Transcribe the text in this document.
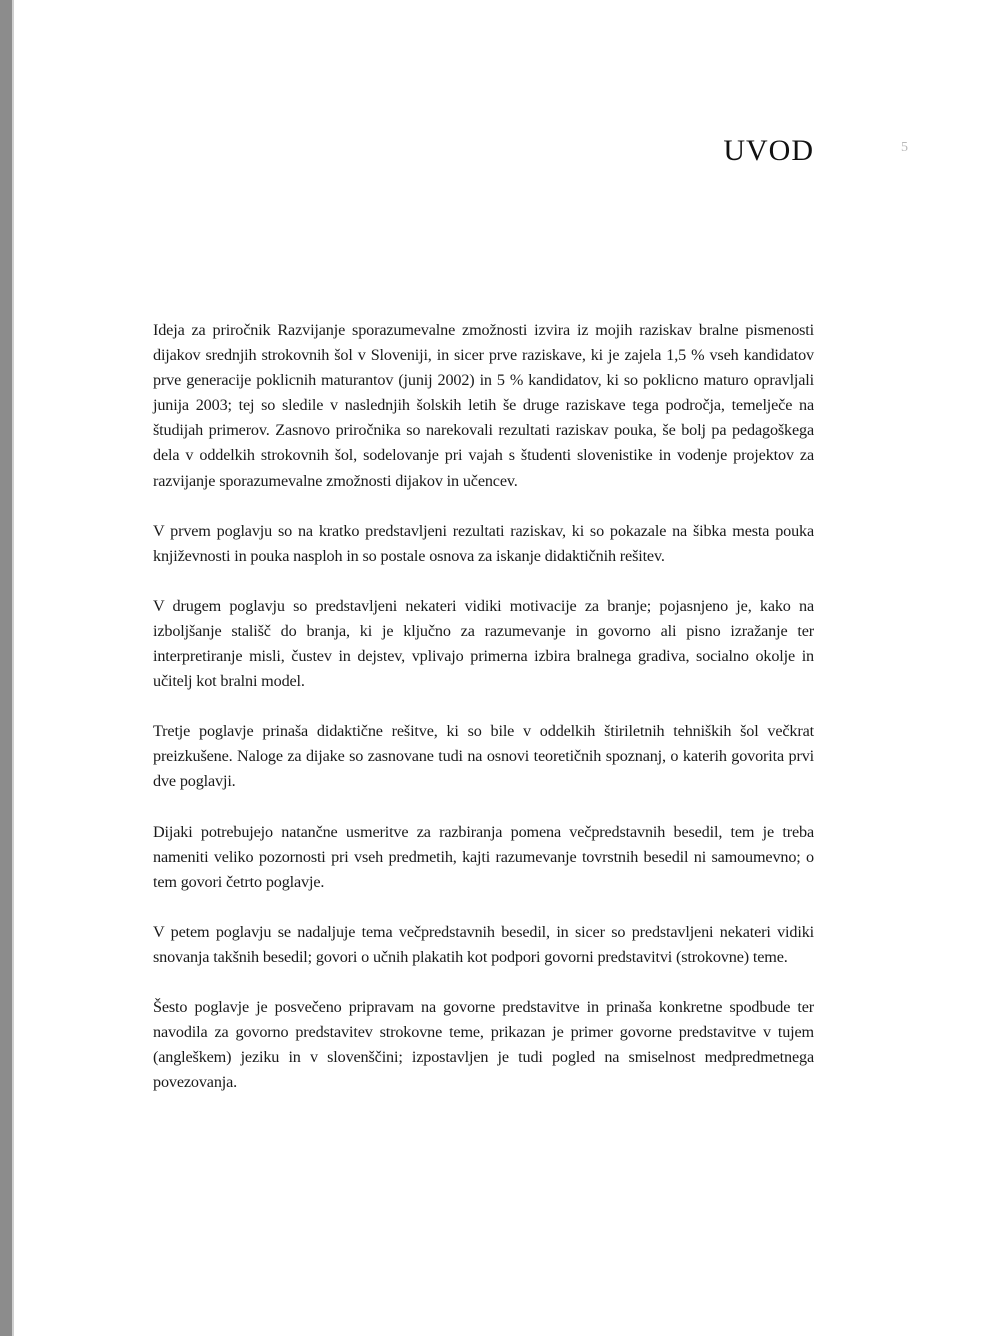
UVOD	5

Ideja za priročnik Razvijanje sporazumevalne zmožnosti izvira iz mojih raziskav bralne pismenosti dijakov srednjih strokovnih šol v Sloveniji, in sicer prve raziskave, ki je zajela 1,5 % vseh kandidatov prve generacije poklicnih maturantov (junij 2002) in 5 % kandidatov, ki so poklicno maturo opravljali junija 2003; tej so sledile v naslednjih šolskih letih še druge raziskave tega področja, temelječe na študijah primerov. Zasnovo priročnika so narekovali rezultati raziskav pouka, še bolj pa pedagoškega dela v oddelkih strokovnih šol, sodelovanje pri vajah s študenti slovenistike in vodenje projektov za razvijanje sporazumevalne zmožnosti dijakov in učencev.

V prvem poglavju so na kratko predstavljeni rezultati raziskav, ki so pokazale na šibka mesta pouka književnosti in pouka nasploh in so postale osnova za iskanje didaktičnih rešitev.

V drugem poglavju so predstavljeni nekateri vidiki motivacije za branje; pojasnjeno je, kako na izboljšanje stališč do branja, ki je ključno za razumevanje in govorno ali pisno izražanje ter interpretiranje misli, čustev in dejstev, vplivajo primerna izbira bralnega gradiva, socialno okolje in učitelj kot bralni model.

Tretje poglavje prinaša didaktične rešitve, ki so bile v oddelkih štiriletnih tehniških šol večkrat preizkušene. Naloge za dijake so zasnovane tudi na osnovi teoretičnih spoznanj, o katerih govorita prvi dve poglavji.

Dijaki potrebujejo natančne usmeritve za razbiranja pomena večpredstavnih besedil, tem je treba nameniti veliko pozornosti pri vseh predmetih, kajti razumevanje tovrstnih besedil ni samoumevno; o tem govori četrto poglavje.

V petem poglavju se nadaljuje tema večpredstavnih besedil, in sicer so predstavljeni nekateri vidiki snovanja takšnih besedil; govori o učnih plakatih kot podpori govorni predstavitvi (strokovne) teme.

Šesto poglavje je posvečeno pripravam na govorne predstavitve in prinaša konkretne spodbude ter navodila za govorno predstavitev strokovne teme, prikazan je primer govorne predstavitve v tujem (angleškem) jeziku in v slovenščini; izpostavljen je tudi pogled na smiselnost medpredmetnega povezovanja.
